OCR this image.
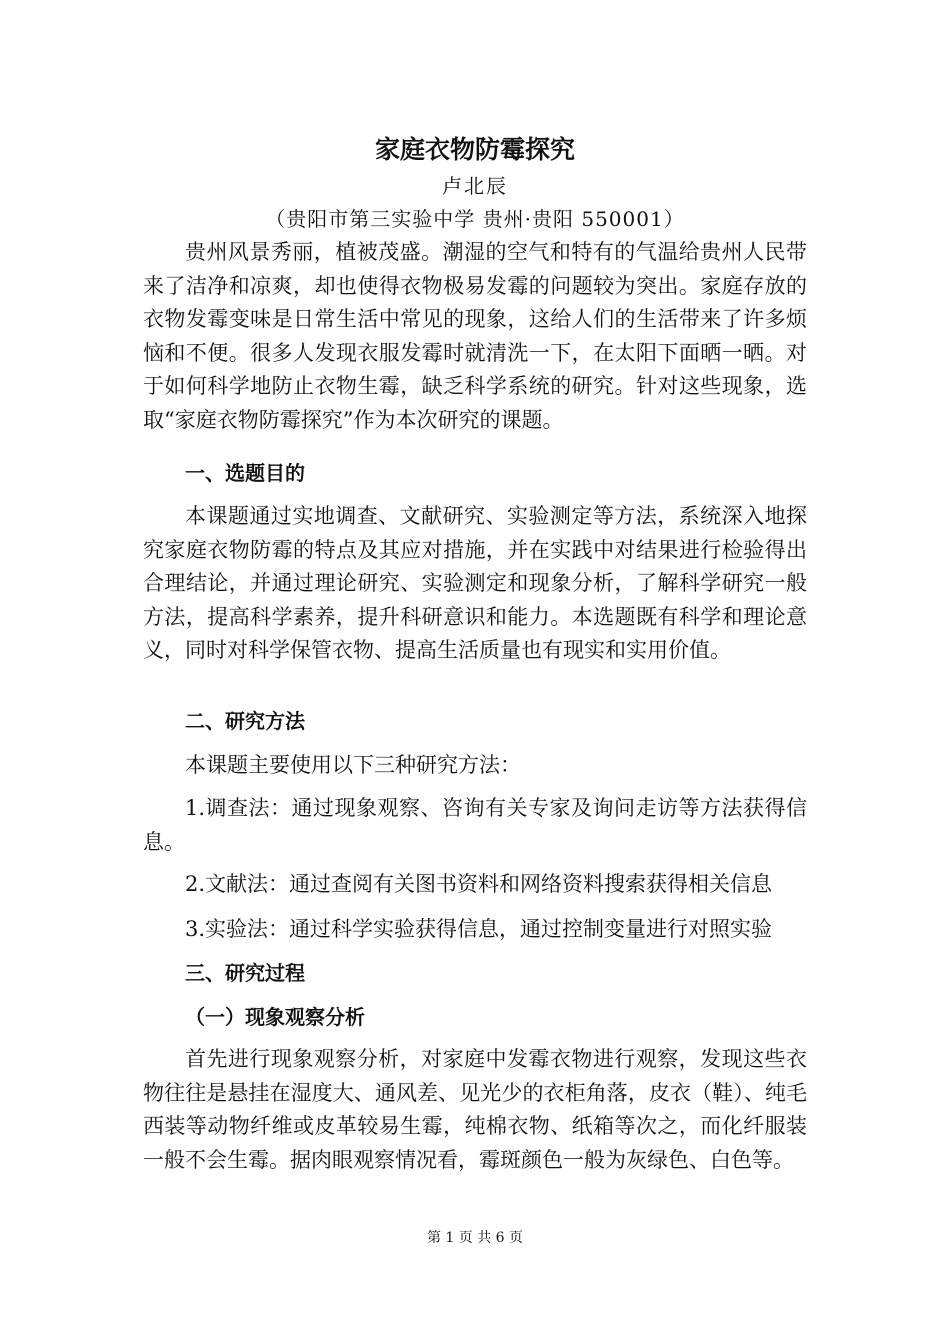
家庭衣物防霉探究
卢北辰
（贵阳市第三实验中学 贵州·贵阳 550001）

贵州风景秀丽，植被茂盛。潮湿的空气和特有的气温给贵州人民带来了洁净和凉爽，却也使得衣物极易发霉的问题较为突出。家庭存放的衣物发霉变味是日常生活中常见的现象，这给人们的生活带来了许多烦恼和不便。很多人发现衣服发霉时就清洗一下，在太阳下面晒一晒。对于如何科学地防止衣物生霉，缺乏科学系统的研究。针对这些现象，选取“家庭衣物防霉探究”作为本次研究的课题。

一、选题目的

本课题通过实地调查、文献研究、实验测定等方法，系统深入地探究家庭衣物防霉的特点及其应对措施，并在实践中对结果进行检验得出合理结论，并通过理论研究、实验测定和现象分析，了解科学研究一般方法，提高科学素养，提升科研意识和能力。本选题既有科学和理论意义，同时对科学保管衣物、提高生活质量也有现实和实用价值。

二、研究方法

本课题主要使用以下三种研究方法：

1.调查法：通过现象观察、咨询有关专家及询问走访等方法获得信息。

2.文献法：通过查阅有关图书资料和网络资料搜索获得相关信息

3.实验法：通过科学实验获得信息，通过控制变量进行对照实验

三、研究过程

（一）现象观察分析

首先进行现象观察分析，对家庭中发霉衣物进行观察，发现这些衣物往往是悬挂在湿度大、通风差、见光少的衣柜角落，皮衣（鞋）、纯毛西装等动物纤维或皮革较易生霉，纯棉衣物、纸箱等次之，而化纤服装一般不会生霉。据肉眼观察情况看，霉斑颜色一般为灰绿色、白色等。

第 1 页 共 6 页
